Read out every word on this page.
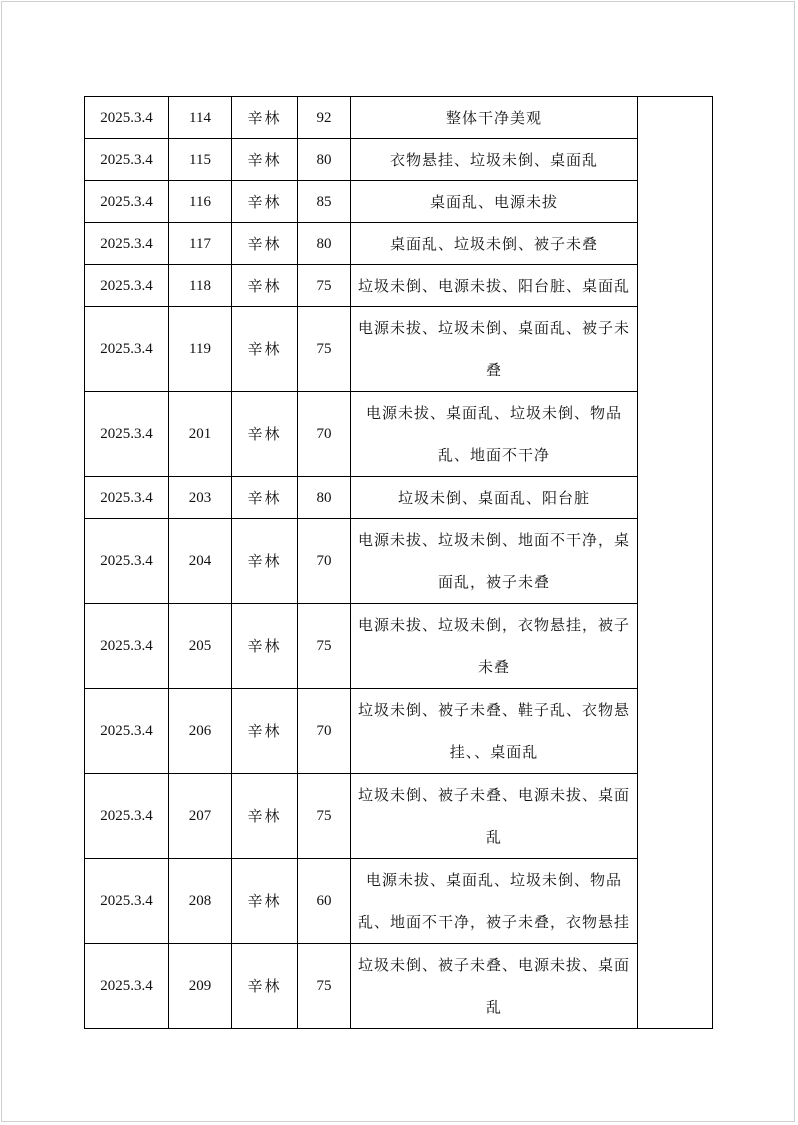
2025.3.4	114	辛林	92	整体干净美观	
2025.3.4	115	辛林	80	衣物悬挂、垃圾未倒、桌面乱	
2025.3.4	116	辛林	85	桌面乱、电源未拔	
2025.3.4	117	辛林	80	桌面乱、垃圾未倒、被子未叠	
2025.3.4	118	辛林	75	垃圾未倒、电源未拔、阳台脏、桌面乱	
2025.3.4	119	辛林	75	电源未拔、垃圾未倒、桌面乱、被子未叠	
2025.3.4	201	辛林	70	电源未拔、桌面乱、垃圾未倒、物品乱、地面不干净	
2025.3.4	203	辛林	80	垃圾未倒、桌面乱、阳台脏	
2025.3.4	204	辛林	70	电源未拔、垃圾未倒、地面不干净，桌面乱，被子未叠	
2025.3.4	205	辛林	75	电源未拔、垃圾未倒，衣物悬挂，被子未叠	
2025.3.4	206	辛林	70	垃圾未倒、被子未叠、鞋子乱、衣物悬挂、、桌面乱	
2025.3.4	207	辛林	75	垃圾未倒、被子未叠、电源未拔、桌面乱	
2025.3.4	208	辛林	60	电源未拔、桌面乱、垃圾未倒、物品乱、地面不干净，被子未叠，衣物悬挂	
2025.3.4	209	辛林	75	垃圾未倒、被子未叠、电源未拔、桌面乱	
